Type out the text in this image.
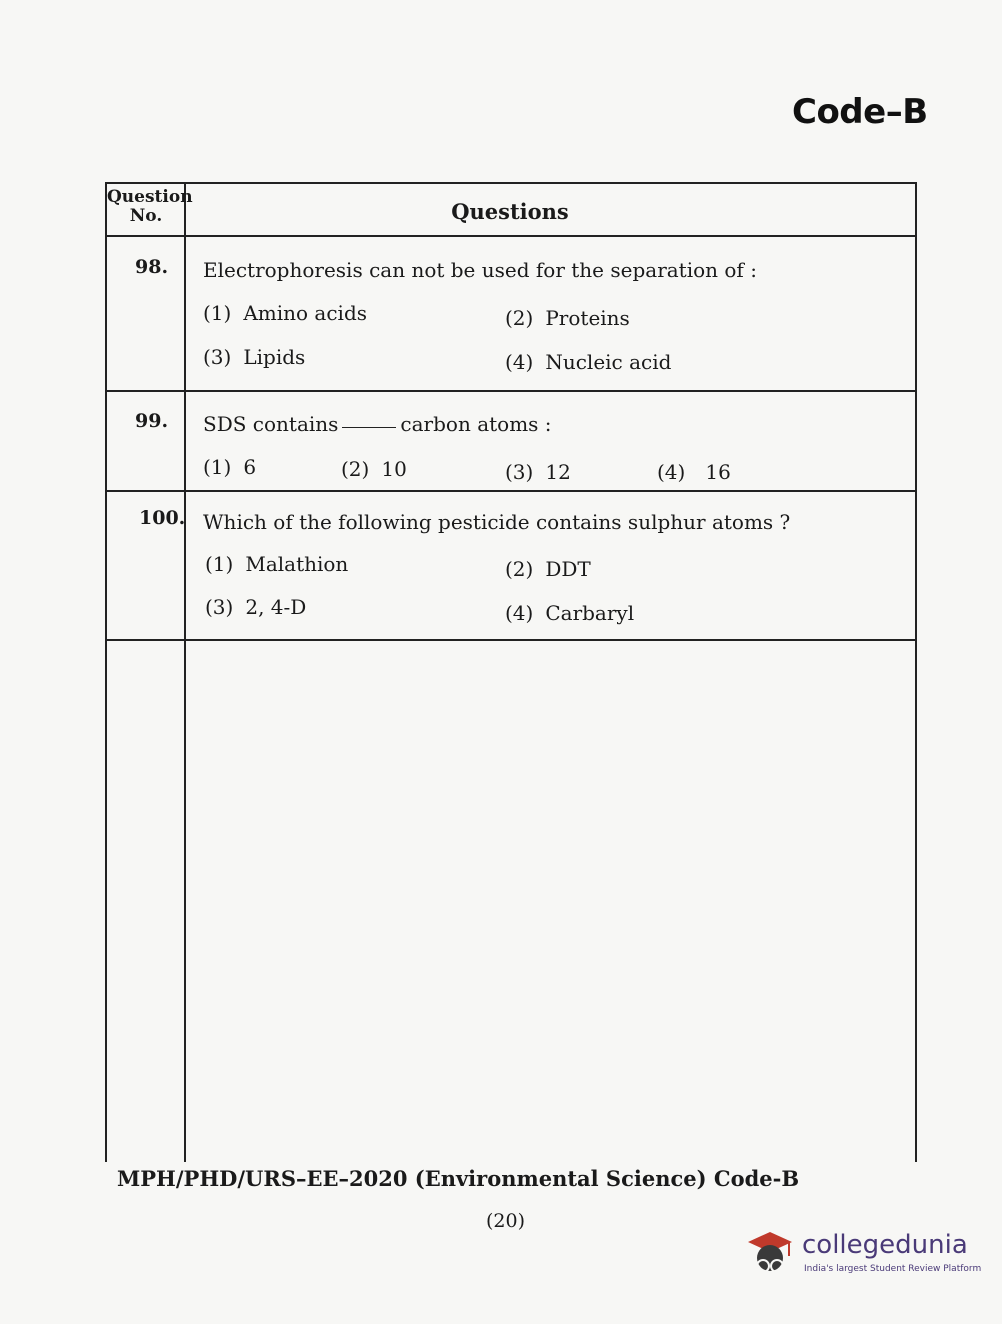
Code–B
Question No.	Questions
98. Electrophoresis can not be used for the separation of :
(1) Amino acids	(2) Proteins
(3) Lipids	(4) Nucleic acid
99. SDS contains	carbon atoms :
(1) 6	(2) 10	(3) 12	(4) 16
100. Which of the following pesticide contains sulphur atoms ?
(1) Malathion	(2) DDT
(3) 2, 4-D	(4) Carbaryl
MPH/PHD/URS–EE–2020 (Environmental Science) Code-B
(20)
collegedunia
India's largest Student Review Platform
